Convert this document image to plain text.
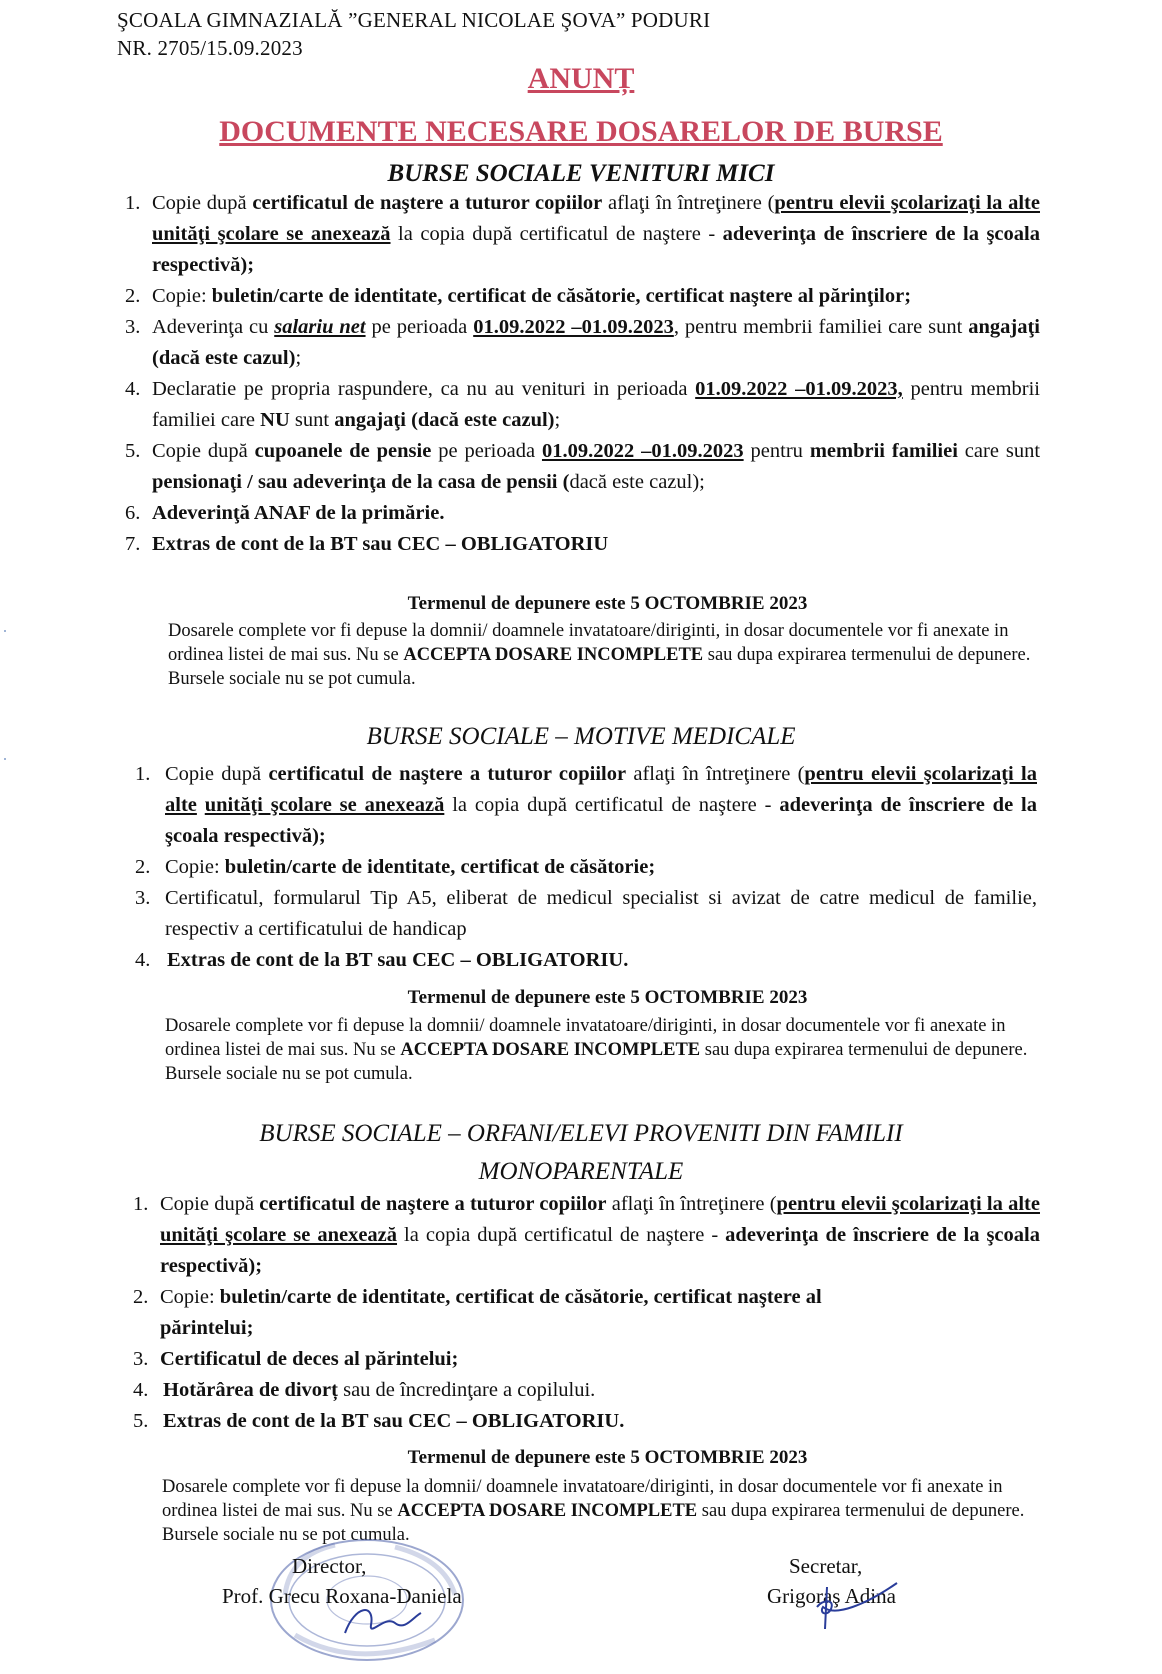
ŞCOALA GIMNAZIALĂ ”GENERAL NICOLAE ŞOVA” PODURI
NR. 2705/15.09.2023
ANUNȚ
DOCUMENTE NECESARE DOSARELOR DE BURSE
BURSE SOCIALE VENITURI MICI
1. Copie după certificatul de naştere a tuturor copiilor aflaţi în întreţinere (pentru elevii şcolarizaţi la alte unităţi şcolare se anexează la copia după certificatul de naştere - adeverinţa de înscriere de la şcoala respectivă);
2. Copie: buletin/carte de identitate, certificat de căsătorie, certificat naştere al părinţilor;
3. Adeverinţa cu salariu net pe perioada 01.09.2022 –01.09.2023, pentru membrii familiei care sunt angajaţi (dacă este cazul);
4. Declaratie pe propria raspundere, ca nu au venituri in perioada 01.09.2022 –01.09.2023, pentru membrii familiei care NU sunt angajaţi (dacă este cazul);
5. Copie după cupoanele de pensie pe perioada 01.09.2022 –01.09.2023 pentru membrii familiei care sunt pensionaţi / sau adeverinţa de la casa de pensii (dacă este cazul);
6. Adeverinţă ANAF de la primărie.
7. Extras de cont de la BT sau CEC – OBLIGATORIU
Termenul de depunere este 5 OCTOMBRIE 2023
Dosarele complete vor fi depuse la domnii/ doamnele invatatoare/diriginti, in dosar documentele vor fi anexate in ordinea listei de mai sus. Nu se ACCEPTA DOSARE INCOMPLETE sau dupa expirarea termenului de depunere. Bursele sociale nu se pot cumula.
BURSE SOCIALE – MOTIVE MEDICALE
1. Copie după certificatul de naştere a tuturor copiilor aflaţi în întreţinere (pentru elevii şcolarizaţi la alte unităţi şcolare se anexează la copia după certificatul de naştere - adeverinţa de înscriere de la şcoala respectivă);
2. Copie: buletin/carte de identitate, certificat de căsătorie;
3. Certificatul, formularul Tip A5, eliberat de medicul specialist si avizat de catre medicul de familie, respectiv a certificatului de handicap
4. Extras de cont de la BT sau CEC – OBLIGATORIU.
Termenul de depunere este 5 OCTOMBRIE 2023
Dosarele complete vor fi depuse la domnii/ doamnele invatatoare/diriginti, in dosar documentele vor fi anexate in ordinea listei de mai sus. Nu se ACCEPTA DOSARE INCOMPLETE sau dupa expirarea termenului de depunere. Bursele sociale nu se pot cumula.
BURSE SOCIALE – ORFANI/ELEVI PROVENITI DIN FAMILII
MONOPARENTALE
1. Copie după certificatul de naştere a tuturor copiilor aflaţi în întreţinere (pentru elevii şcolarizaţi la alte unităţi şcolare se anexează la copia după certificatul de naştere - adeverinţa de înscriere de la şcoala respectivă);
2. Copie: buletin/carte de identitate, certificat de căsătorie, certificat naştere al părintelui;
3. Certificatul de deces al părintelui;
4. Hotărârea de divorț sau de încredinţare a copilului.
5. Extras de cont de la BT sau CEC – OBLIGATORIU.
Termenul de depunere este 5 OCTOMBRIE 2023
Dosarele complete vor fi depuse la domnii/ doamnele invatatoare/diriginti, in dosar documentele vor fi anexate in ordinea listei de mai sus. Nu se ACCEPTA DOSARE INCOMPLETE sau dupa expirarea termenului de depunere. Bursele sociale nu se pot cumula.
Director,
Prof. Grecu Roxana-Daniela
Secretar,
Grigoraş Adina
